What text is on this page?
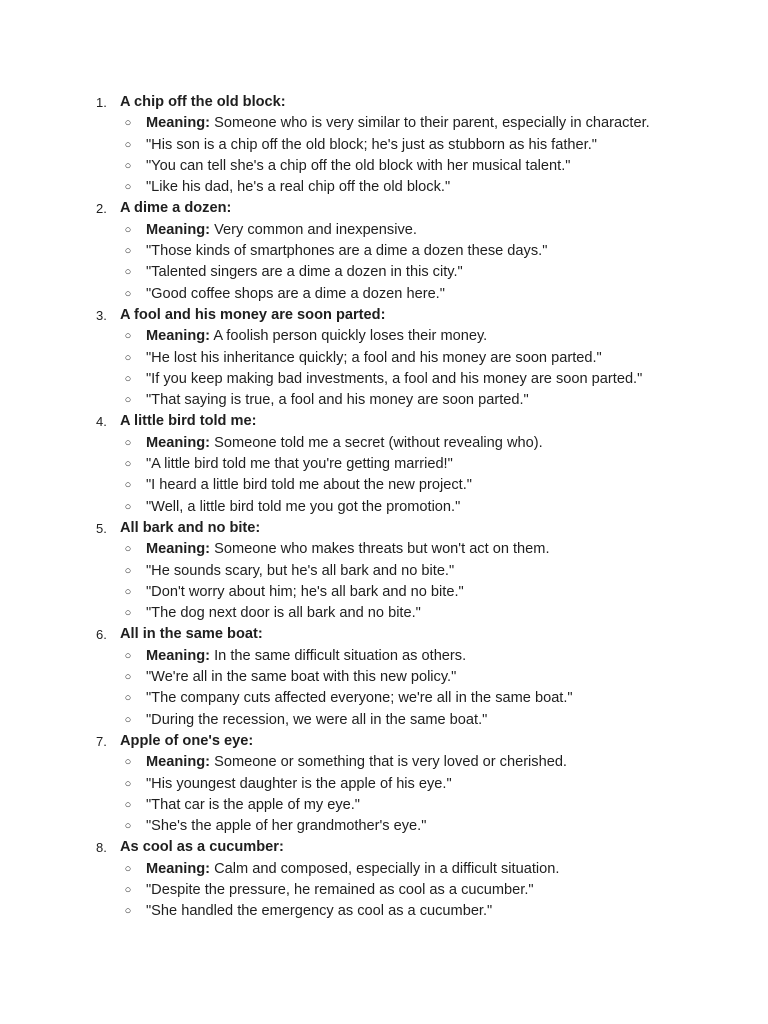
1. A chip off the old block:
○ Meaning: Someone who is very similar to their parent, especially in character.
○ "His son is a chip off the old block; he's just as stubborn as his father."
○ "You can tell she's a chip off the old block with her musical talent."
○ "Like his dad, he's a real chip off the old block."
2. A dime a dozen:
○ Meaning: Very common and inexpensive.
○ "Those kinds of smartphones are a dime a dozen these days."
○ "Talented singers are a dime a dozen in this city."
○ "Good coffee shops are a dime a dozen here."
3. A fool and his money are soon parted:
○ Meaning: A foolish person quickly loses their money.
○ "He lost his inheritance quickly; a fool and his money are soon parted."
○ "If you keep making bad investments, a fool and his money are soon parted."
○ "That saying is true, a fool and his money are soon parted."
4. A little bird told me:
○ Meaning: Someone told me a secret (without revealing who).
○ "A little bird told me that you're getting married!"
○ "I heard a little bird told me about the new project."
○ "Well, a little bird told me you got the promotion."
5. All bark and no bite:
○ Meaning: Someone who makes threats but won't act on them.
○ "He sounds scary, but he's all bark and no bite."
○ "Don't worry about him; he's all bark and no bite."
○ "The dog next door is all bark and no bite."
6. All in the same boat:
○ Meaning: In the same difficult situation as others.
○ "We're all in the same boat with this new policy."
○ "The company cuts affected everyone; we're all in the same boat."
○ "During the recession, we were all in the same boat."
7. Apple of one's eye:
○ Meaning: Someone or something that is very loved or cherished.
○ "His youngest daughter is the apple of his eye."
○ "That car is the apple of my eye."
○ "She's the apple of her grandmother's eye."
8. As cool as a cucumber:
○ Meaning: Calm and composed, especially in a difficult situation.
○ "Despite the pressure, he remained as cool as a cucumber."
○ "She handled the emergency as cool as a cucumber."
